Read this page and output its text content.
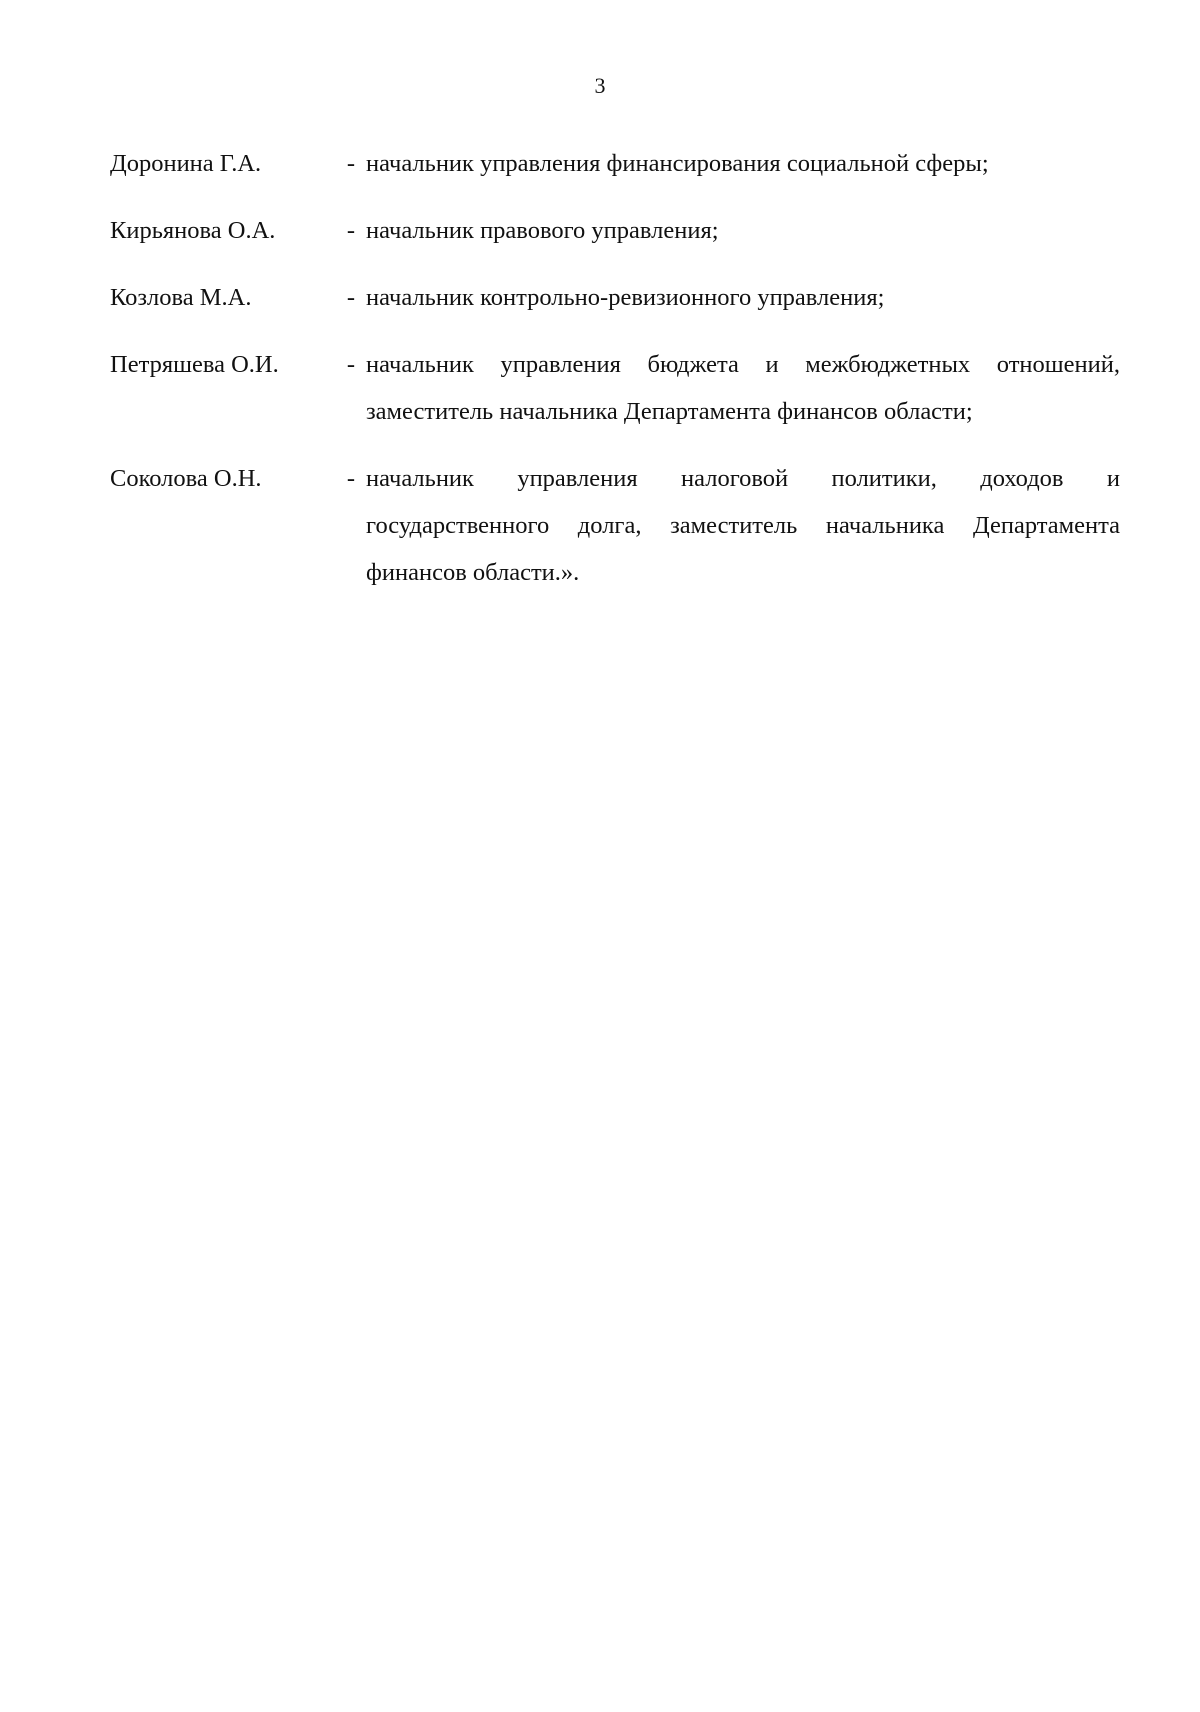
3
Доронина Г.А.	- начальник управления финансирования социальной сферы;
Кирьянова О.А.	- начальник правового управления;
Козлова М.А.	- начальник контрольно-ревизионного управления;
Петряшева О.И.	- начальник управления бюджета и межбюджетных отношений, заместитель начальника Департамента финансов области;
Соколова О.Н.	- начальник управления налоговой политики, доходов и государственного долга, заместитель начальника Департамента финансов области.».
